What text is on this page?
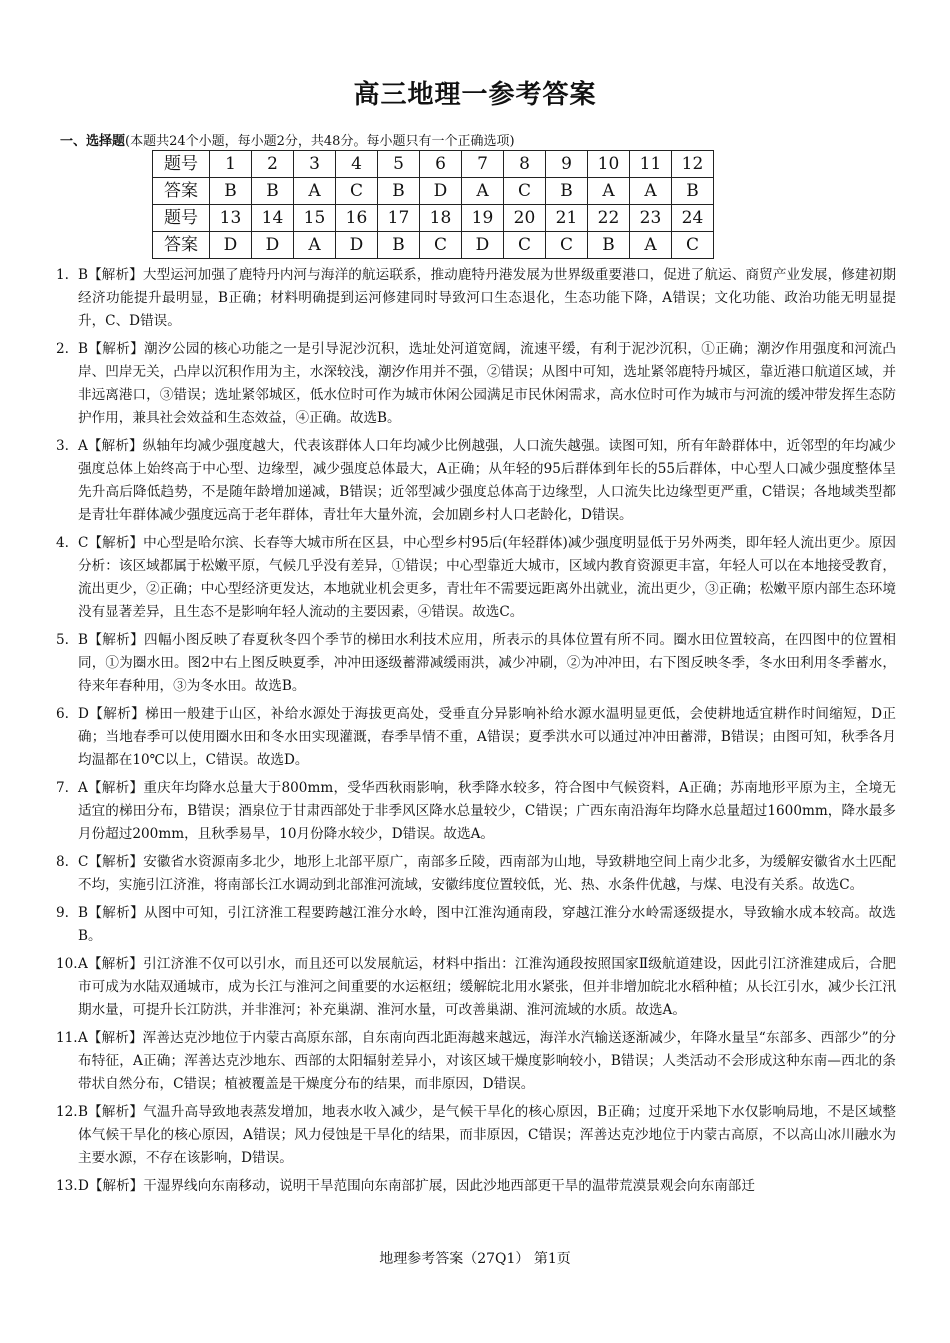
高三地理一参考答案
一、选择题(本题共24个小题，每小题2分，共48分。每小题只有一个正确选项)
题号	1	2	3	4	5	6	7	8	9	10	11	12
答案	B	B	A	C	B	D	A	C	B	A	A	B
题号	13	14	15	16	17	18	19	20	21	22	23	24
答案	D	D	A	D	B	C	D	C	C	B	A	C
1. B【解析】大型运河加强了鹿特丹内河与海洋的航运联系，推动鹿特丹港发展为世界级重要港口，促进了航运、商贸产业发展，修建初期经济功能提升最明显，B正确；材料明确提到运河修建同时导致河口生态退化，生态功能下降，A错误；文化功能、政治功能无明显提升，C、D错误。
2. B【解析】潮汐公园的核心功能之一是引导泥沙沉积，选址处河道宽阔，流速平缓，有利于泥沙沉积，①正确；潮汐作用强度和河流凸岸、凹岸无关，凸岸以沉积作用为主，水深较浅，潮汐作用并不强，②错误；从图中可知，选址紧邻鹿特丹城区，靠近港口航道区域，并非远离港口，③错误；选址紧邻城区，低水位时可作为城市休闲公园满足市民休闲需求，高水位时可作为城市与河流的缓冲带发挥生态防护作用，兼具社会效益和生态效益，④正确。故选B。
3. A【解析】纵轴年均减少强度越大，代表该群体人口年均减少比例越强，人口流失越强。读图可知，所有年龄群体中，近邻型的年均减少强度总体上始终高于中心型、边缘型，减少强度总体最大，A正确；从年轻的95后群体到年长的55后群体，中心型人口减少强度整体呈先升高后降低趋势，不是随年龄增加递减，B错误；近邻型减少强度总体高于边缘型，人口流失比边缘型更严重，C错误；各地域类型都是青壮年群体减少强度远高于老年群体，青壮年大量外流，会加剧乡村人口老龄化，D错误。
4. C【解析】中心型是哈尔滨、长春等大城市所在区县，中心型乡村95后(年轻群体)减少强度明显低于另外两类，即年轻人流出更少。原因分析：该区域都属于松嫩平原，气候几乎没有差异，①错误；中心型靠近大城市，区域内教育资源更丰富，年轻人可以在本地接受教育，流出更少，②正确；中心型经济更发达，本地就业机会更多，青壮年不需要远距离外出就业，流出更少，③正确；松嫩平原内部生态环境没有显著差异，且生态不是影响年轻人流动的主要因素，④错误。故选C。
5. B【解析】四幅小图反映了春夏秋冬四个季节的梯田水利技术应用，所表示的具体位置有所不同。圈水田位置较高，在四图中的位置相同，①为圈水田。图2中右上图反映夏季，冲冲田逐级蓄滞减缓雨洪，减少冲刷，②为冲冲田，右下图反映冬季，冬水田利用冬季蓄水，待来年春种用，③为冬水田。故选B。
6. D【解析】梯田一般建于山区，补给水源处于海拔更高处，受垂直分异影响补给水源水温明显更低，会使耕地适宜耕作时间缩短，D正确；当地春季可以使用圈水田和冬水田实现灌溉，春季旱情不重，A错误；夏季洪水可以通过冲冲田蓄滞，B错误；由图可知，秋季各月均温都在10℃以上，C错误。故选D。
7. A【解析】重庆年均降水总量大于800mm，受华西秋雨影响，秋季降水较多，符合图中气候资料，A正确；苏南地形平原为主，全境无适宜的梯田分布，B错误；酒泉位于甘肃西部处于非季风区降水总量较少，C错误；广西东南沿海年均降水总量超过1600mm，降水最多月份超过200mm，且秋季易旱，10月份降水较少，D错误。故选A。
8. C【解析】安徽省水资源南多北少，地形上北部平原广，南部多丘陵，西南部为山地，导致耕地空间上南少北多，为缓解安徽省水土匹配不均，实施引江济淮，将南部长江水调动到北部淮河流域，安徽纬度位置较低，光、热、水条件优越，与煤、电没有关系。故选C。
9. B【解析】从图中可知，引江济淮工程要跨越江淮分水岭，图中江淮沟通南段，穿越江淮分水岭需逐级提水，导致输水成本较高。故选B。
10.A【解析】引江济淮不仅可以引水，而且还可以发展航运，材料中指出：江淮沟通段按照国家Ⅱ级航道建设，因此引江济淮建成后，合肥市可成为水陆双通城市，成为长江与淮河之间重要的水运枢纽；缓解皖北用水紧张，但并非增加皖北水稻种植；从长江引水，减少长江汛期水量，可提升长江防洪，并非淮河；补充巢湖、淮河水量，可改善巢湖、淮河流域的水质。故选A。
11.A【解析】浑善达克沙地位于内蒙古高原东部，自东南向西北距海越来越远，海洋水汽输送逐渐减少，年降水量呈“东部多、西部少”的分布特征，A正确；浑善达克沙地东、西部的太阳辐射差异小，对该区域干燥度影响较小，B错误；人类活动不会形成这种东南—西北的条带状自然分布，C错误；植被覆盖是干燥度分布的结果，而非原因，D错误。
12.B【解析】气温升高导致地表蒸发增加，地表水收入减少，是气候干旱化的核心原因，B正确；过度开采地下水仅影响局地，不是区域整体气候干旱化的核心原因，A错误；风力侵蚀是干旱化的结果，而非原因，C错误；浑善达克沙地位于内蒙古高原，不以高山冰川融水为主要水源，不存在该影响，D错误。
13.D【解析】干湿界线向东南移动，说明干旱范围向东南部扩展，因此沙地西部更干旱的温带荒漠景观会向东南部迁
地理参考答案（27Q1） 第1页
